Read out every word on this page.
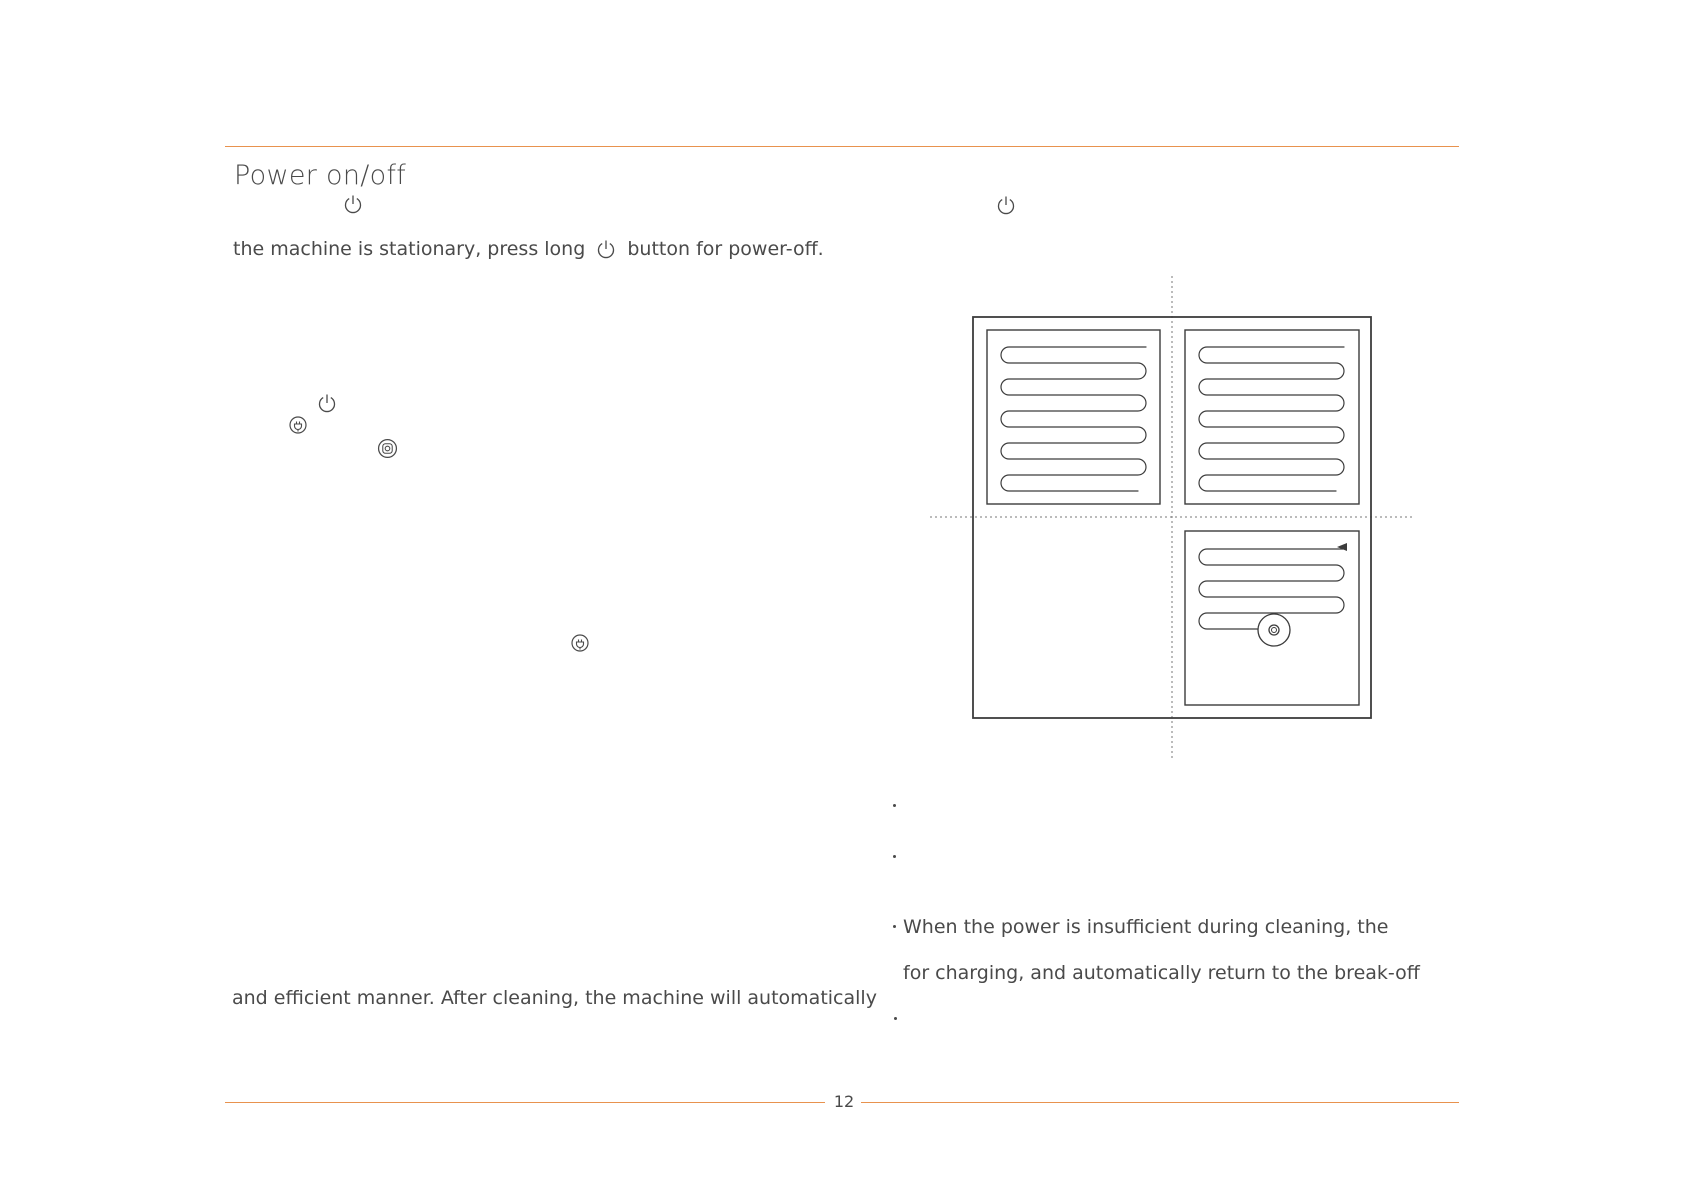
Power on/off
the machine is stationary, press long button for power-off.
and efficient manner. After cleaning, the machine will automatically
When the power is insufficient during cleaning, the
for charging, and automatically return to the break-off
12
